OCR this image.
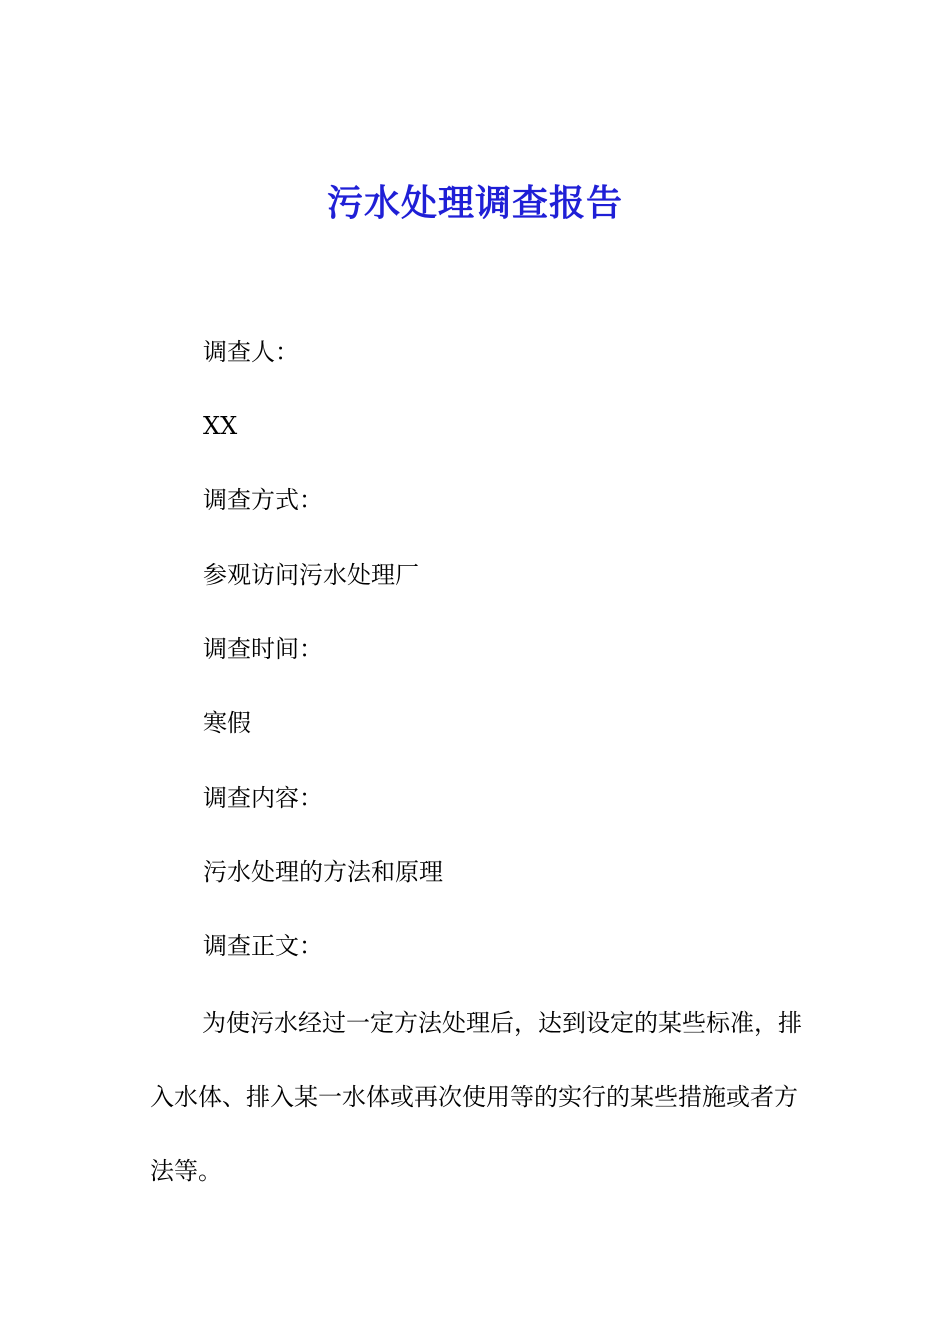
污水处理调查报告
调查人：
XX
调查方式：
参观访问污水处理厂
调查时间：
寒假
调查内容：
污水处理的方法和原理
调查正文：
为使污水经过一定方法处理后，达到设定的某些标准，排入水体、排入某一水体或再次使用等的实行的某些措施或者方法等。
